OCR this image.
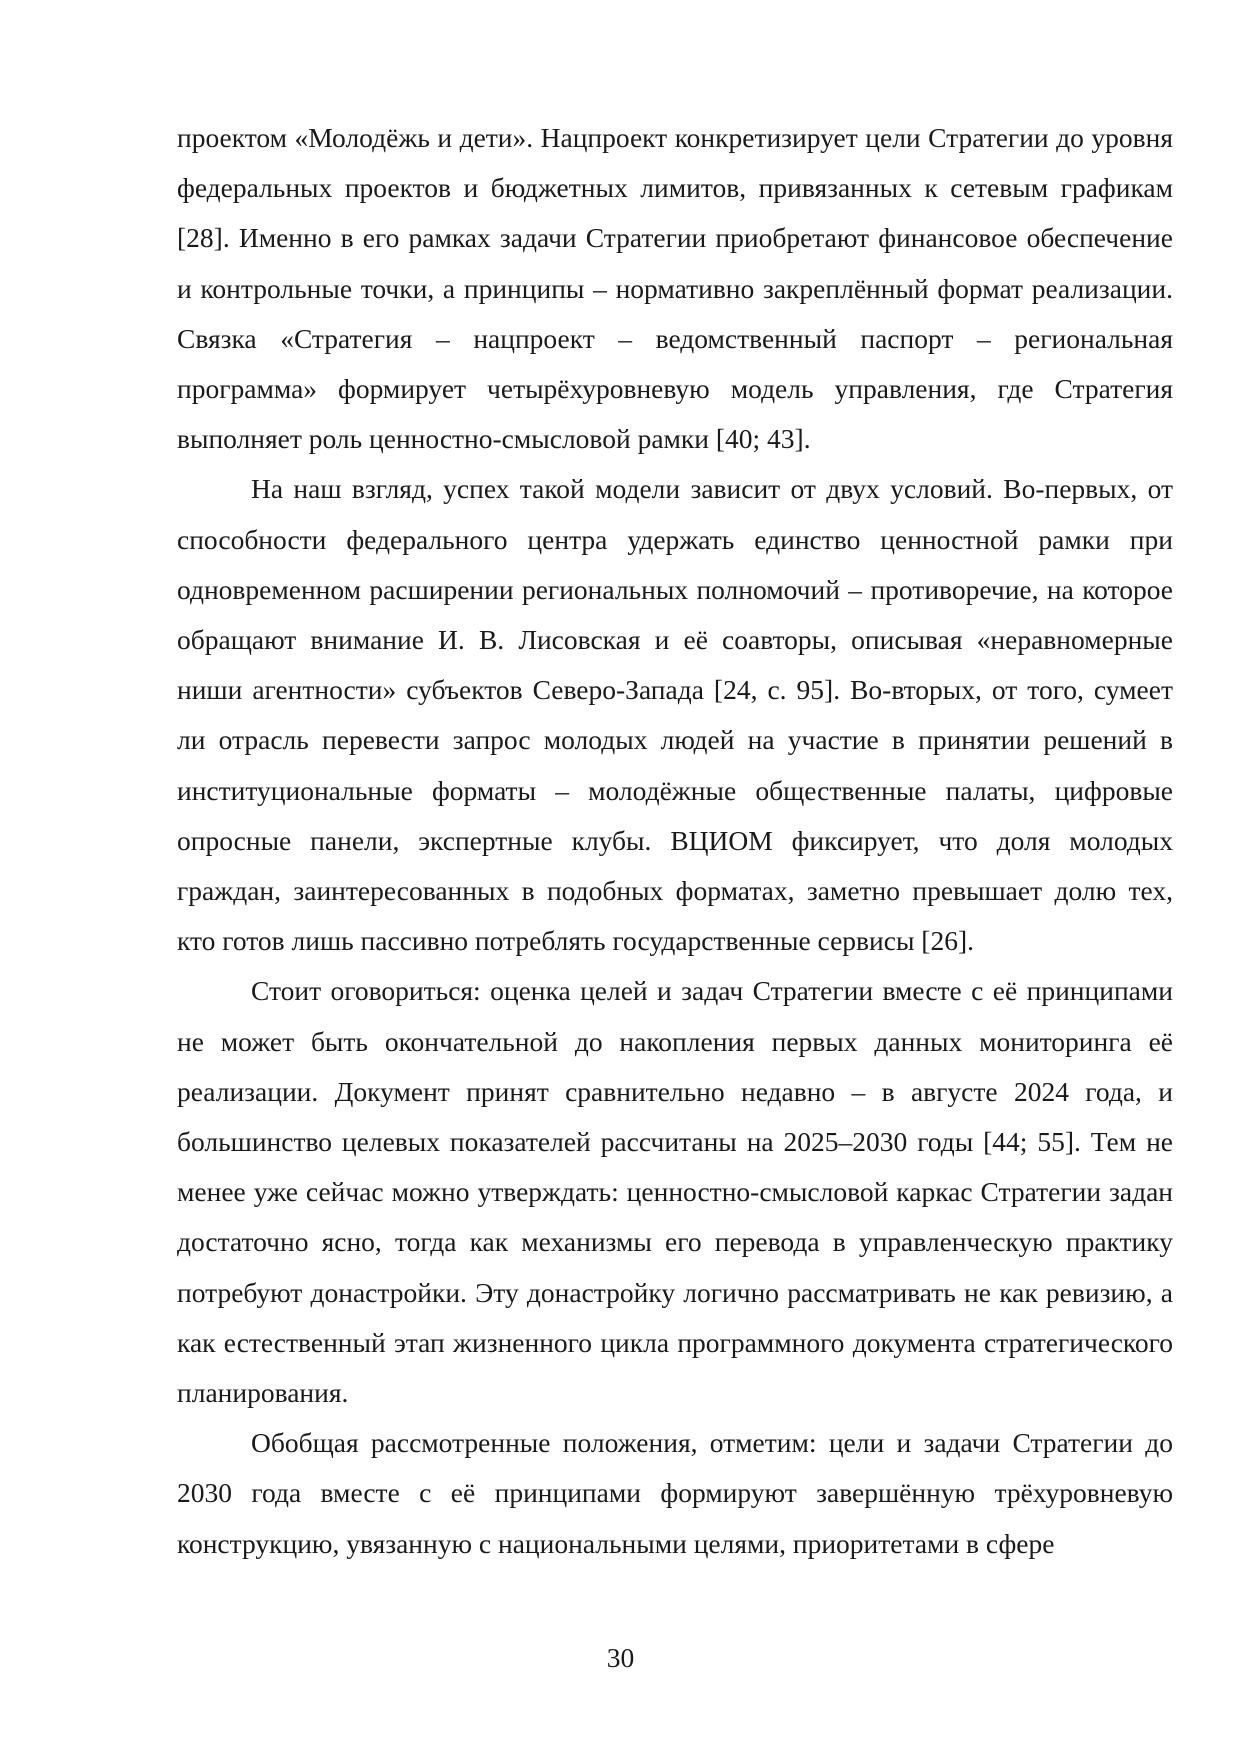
проектом «Молодёжь и дети». Нацпроект конкретизирует цели Стратегии до уровня федеральных проектов и бюджетных лимитов, привязанных к сетевым графикам [28]. Именно в его рамках задачи Стратегии приобретают финансовое обеспечение и контрольные точки, а принципы – нормативно закреплённый формат реализации. Связка «Стратегия – нацпроект – ведомственный паспорт – региональная программа» формирует четырёхуровневую модель управления, где Стратегия выполняет роль ценностно-смысловой рамки [40; 43].

На наш взгляд, успех такой модели зависит от двух условий. Во-первых, от способности федерального центра удержать единство ценностной рамки при одновременном расширении региональных полномочий – противоречие, на которое обращают внимание И. В. Лисовская и её соавторы, описывая «неравномерные ниши агентности» субъектов Северо-Запада [24, с. 95]. Во-вторых, от того, сумеет ли отрасль перевести запрос молодых людей на участие в принятии решений в институциональные форматы – молодёжные общественные палаты, цифровые опросные панели, экспертные клубы. ВЦИОМ фиксирует, что доля молодых граждан, заинтересованных в подобных форматах, заметно превышает долю тех, кто готов лишь пассивно потреблять государственные сервисы [26].

Стоит оговориться: оценка целей и задач Стратегии вместе с её принципами не может быть окончательной до накопления первых данных мониторинга её реализации. Документ принят сравнительно недавно – в августе 2024 года, и большинство целевых показателей рассчитаны на 2025–2030 годы [44; 55]. Тем не менее уже сейчас можно утверждать: ценностно-смысловой каркас Стратегии задан достаточно ясно, тогда как механизмы его перевода в управленческую практику потребуют донастройки. Эту донастройку логично рассматривать не как ревизию, а как естественный этап жизненного цикла программного документа стратегического планирования.

Обобщая рассмотренные положения, отметим: цели и задачи Стратегии до 2030 года вместе с её принципами формируют завершённую трёхуровневую конструкцию, увязанную с национальными целями, приоритетами в сфере

30
